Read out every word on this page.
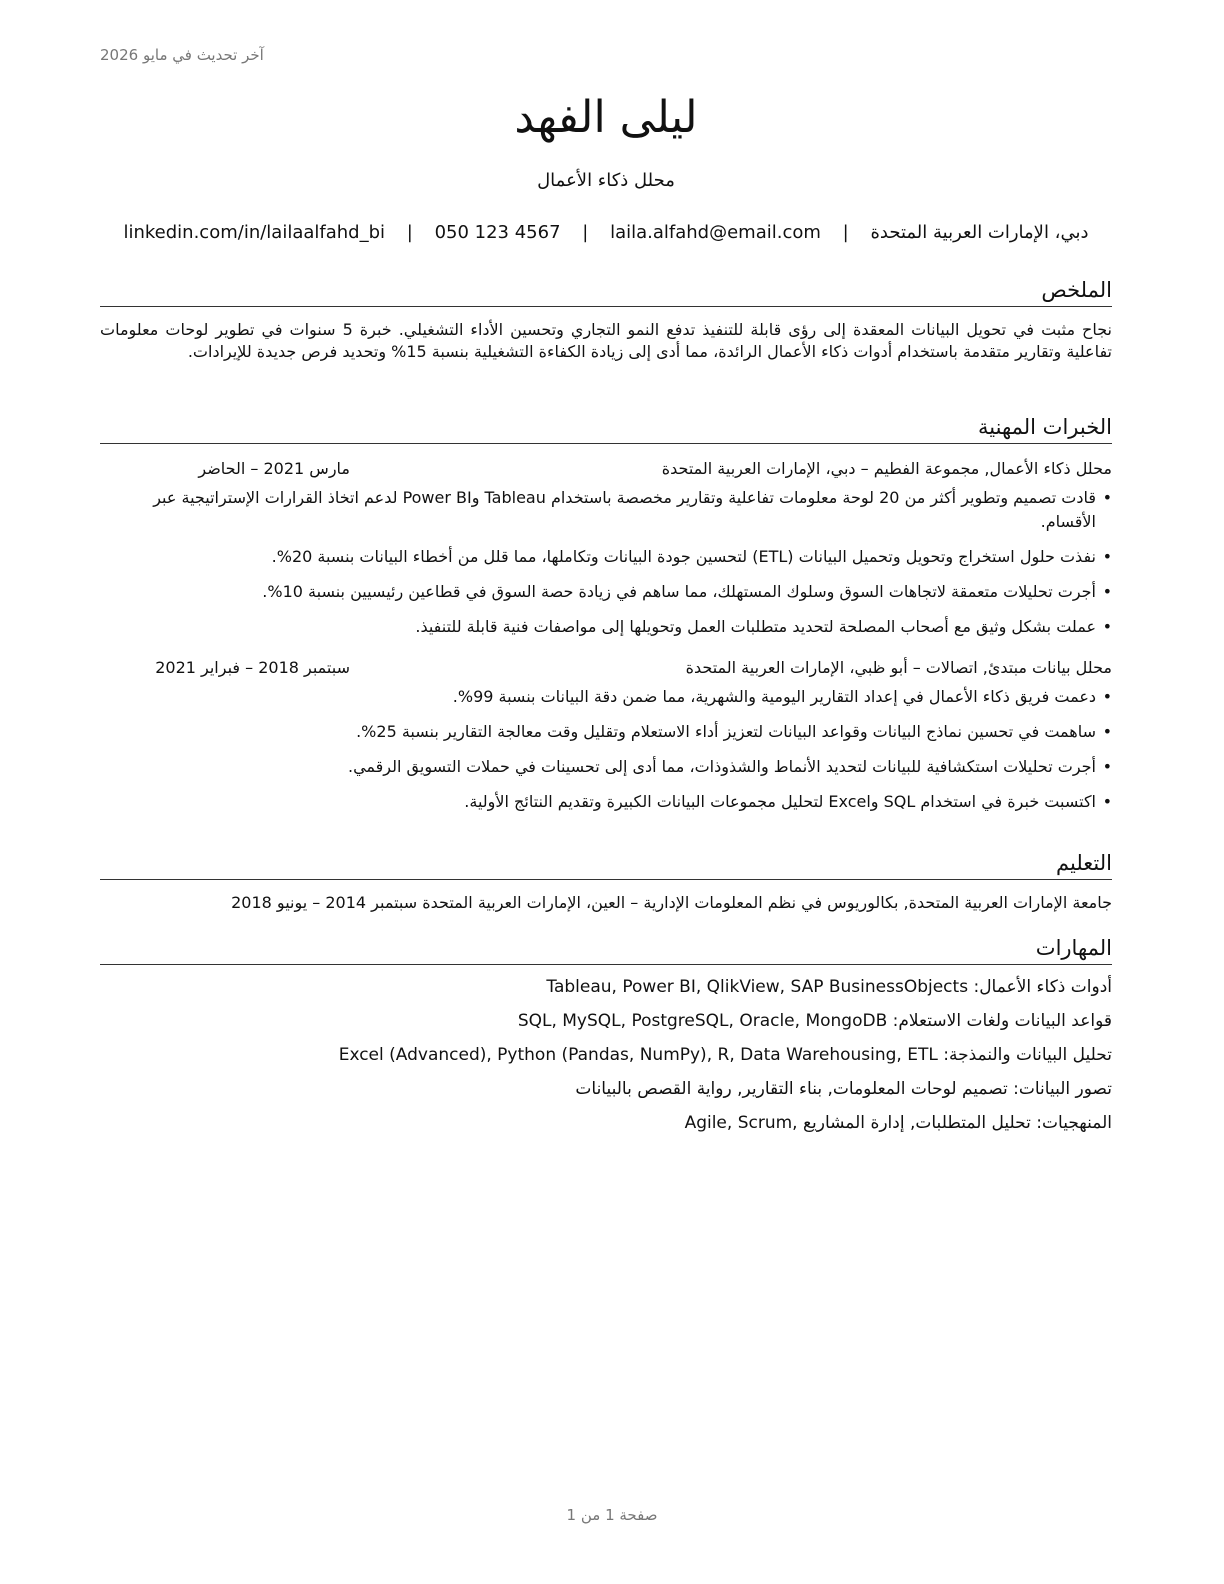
آخر تحديث في مايو 2026
ليلى الفهد
محلل ذكاء الأعمال
دبي، الإمارات العربية المتحدة | laila.alfahd@email.com | 050 123 4567 | linkedin.com/in/lailaalfahd_bi
الملخص

نجاح مثبت في تحويل البيانات المعقدة إلى رؤى قابلة للتنفيذ تدفع النمو التجاري وتحسين الأداء التشغيلي. خبرة 5 سنوات في تطوير لوحات معلومات تفاعلية وتقارير متقدمة باستخدام أدوات ذكاء الأعمال الرائدة، مما أدى إلى زيادة الكفاءة التشغيلية بنسبة 15% وتحديد فرص جديدة للإيرادات.

الخبرات المهنية
محلل ذكاء الأعمال, مجموعة الفطيم – دبي، الإمارات العربية المتحدة
مارس 2021 – الحاضر
• قادت تصميم وتطوير أكثر من 20 لوحة معلومات تفاعلية وتقارير مخصصة باستخدام Tableau وPower BI لدعم اتخاذ القرارات الإستراتيجية عبر الأقسام.
• نفذت حلول استخراج وتحويل وتحميل البيانات (ETL) لتحسين جودة البيانات وتكاملها، مما قلل من أخطاء البيانات بنسبة 20%.
• أجرت تحليلات متعمقة لاتجاهات السوق وسلوك المستهلك، مما ساهم في زيادة حصة السوق في قطاعين رئيسيين بنسبة 10%.
• عملت بشكل وثيق مع أصحاب المصلحة لتحديد متطلبات العمل وتحويلها إلى مواصفات فنية قابلة للتنفيذ.
محلل بيانات مبتدئ, اتصالات – أبو ظبي، الإمارات العربية المتحدة
سبتمبر 2018 – فبراير 2021
• دعمت فريق ذكاء الأعمال في إعداد التقارير اليومية والشهرية، مما ضمن دقة البيانات بنسبة 99%.
• ساهمت في تحسين نماذج البيانات وقواعد البيانات لتعزيز أداء الاستعلام وتقليل وقت معالجة التقارير بنسبة 25%.
• أجرت تحليلات استكشافية للبيانات لتحديد الأنماط والشذوذات، مما أدى إلى تحسينات في حملات التسويق الرقمي.
• اكتسبت خبرة في استخدام SQL وExcel لتحليل مجموعات البيانات الكبيرة وتقديم النتائج الأولية.
التعليم
جامعة الإمارات العربية المتحدة, بكالوريوس في نظم المعلومات الإدارية – العين، الإمارات العربية المتحدة سبتمبر 2014 – يونيو 2018
المهارات
أدوات ذكاء الأعمال: Tableau, Power BI, QlikView, SAP BusinessObjects
قواعد البيانات ولغات الاستعلام: SQL, MySQL, PostgreSQL, Oracle, MongoDB
تحليل البيانات والنمذجة: Excel (Advanced), Python (Pandas, NumPy), R, Data Warehousing, ETL
تصور البيانات: تصميم لوحات المعلومات, بناء التقارير, رواية القصص بالبيانات
المنهجيات: Agile, Scrum, تحليل المتطلبات, إدارة المشاريع
صفحة 1 من 1
